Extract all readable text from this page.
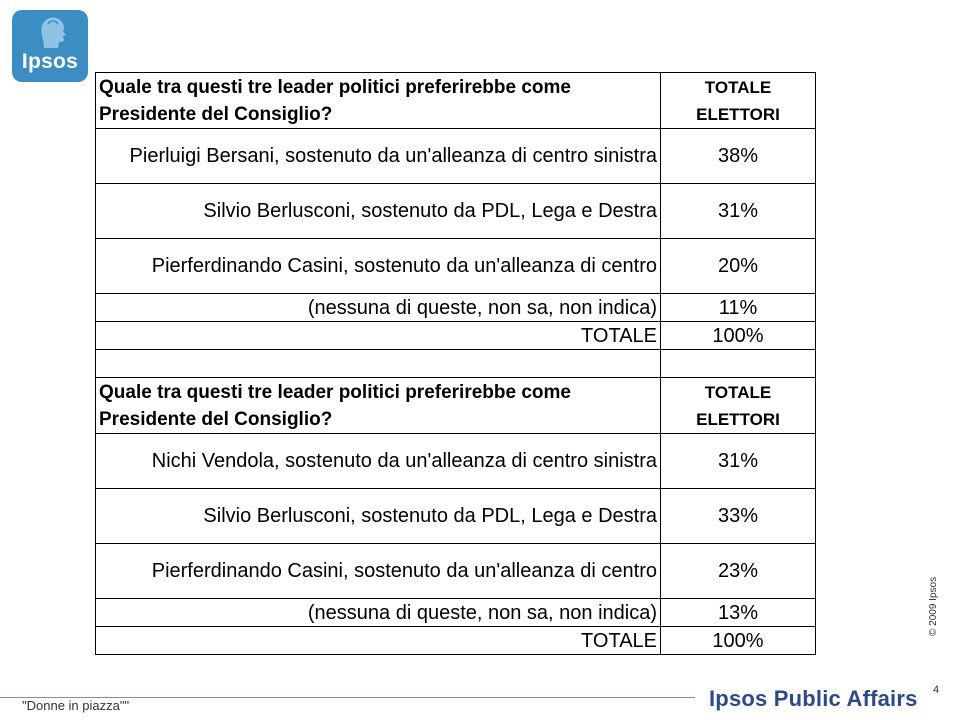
Ipsos
Quale tra questi tre leader politici preferirebbe come Presidente del Consiglio?	TOTALE ELETTORI
Pierluigi Bersani, sostenuto da un'alleanza di centro sinistra	38%
Silvio Berlusconi, sostenuto da PDL, Lega e Destra	31%
Pierferdinando Casini, sostenuto da un'alleanza di centro	20%
(nessuna di queste, non sa, non indica)	11%
TOTALE	100%

Quale tra questi tre leader politici preferirebbe come Presidente del Consiglio?	TOTALE ELETTORI
Nichi Vendola, sostenuto da un'alleanza di centro sinistra	31%
Silvio Berlusconi, sostenuto da PDL, Lega e Destra	33%
Pierferdinando Casini, sostenuto da un'alleanza di centro	23%
(nessuna di queste, non sa, non indica)	13%
TOTALE	100%
© 2009 Ipsos
"Donne in piazza""
4
Ipsos Public Affairs
